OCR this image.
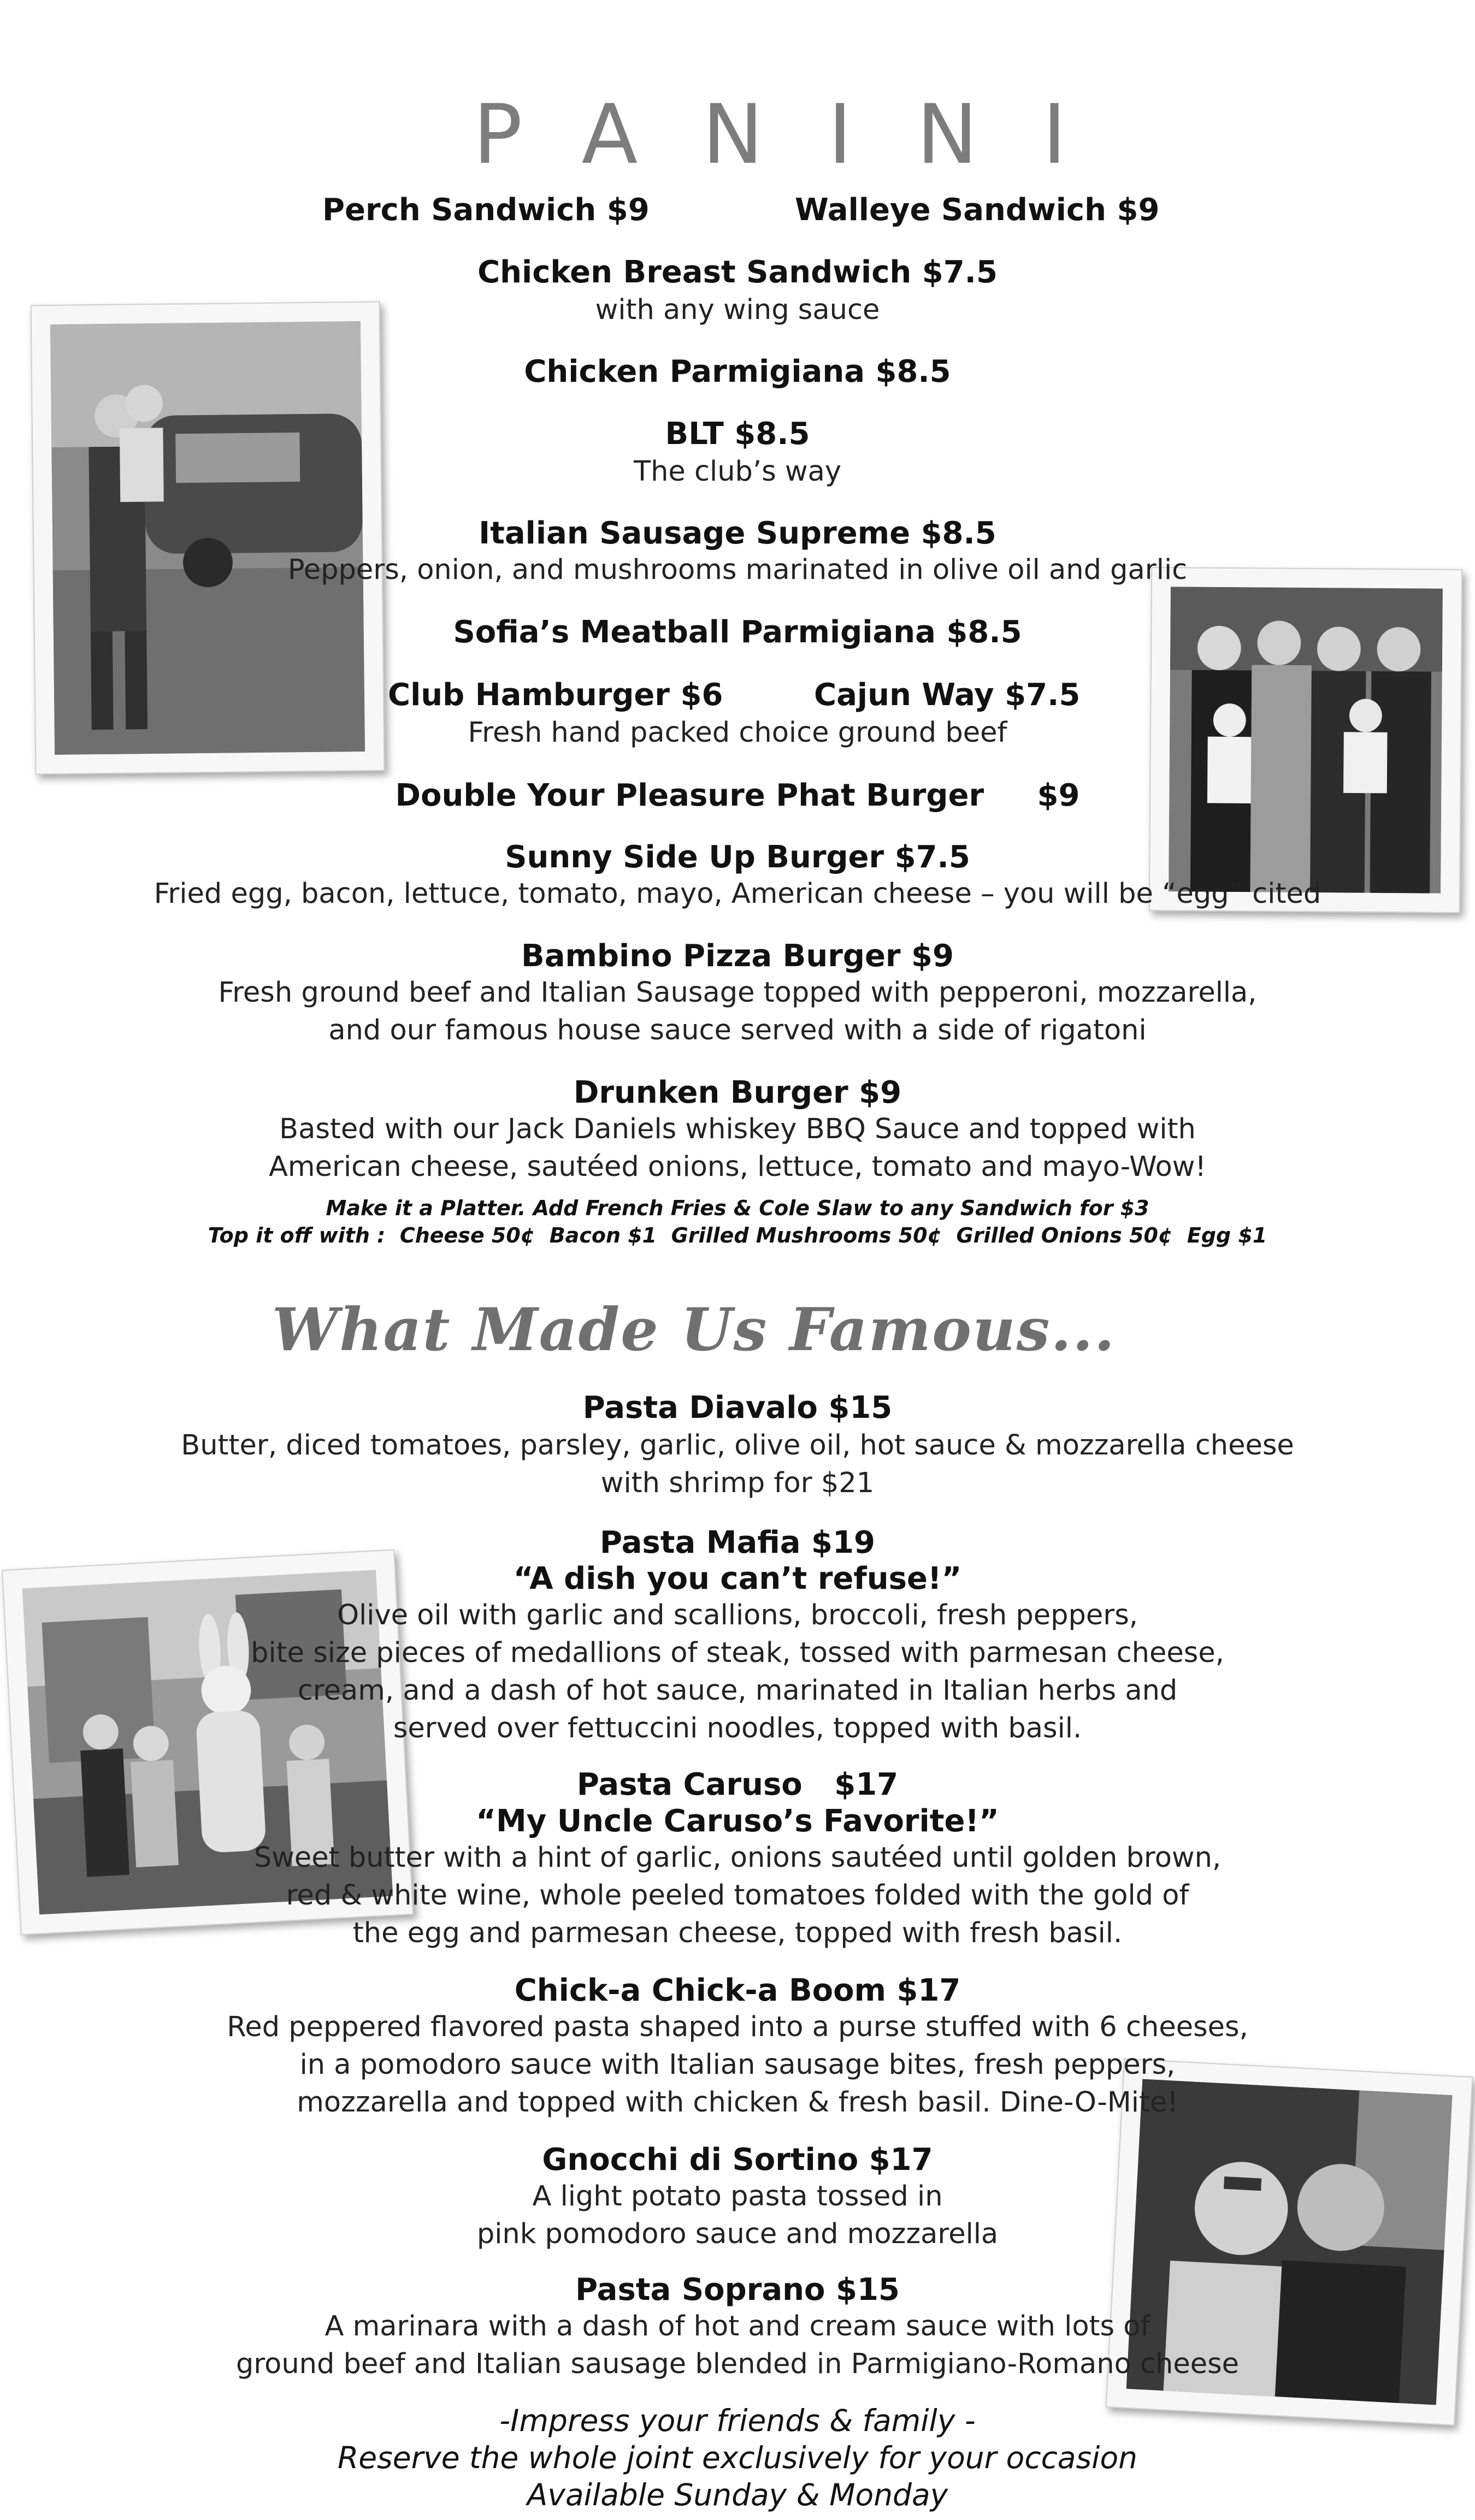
PANINI
Perch Sandwich $9	Walleye Sandwich $9
Chicken Breast Sandwich $7.5
with any wing sauce
Chicken Parmigiana $8.5
BLT $8.5
The club’s way
Italian Sausage Supreme $8.5
Peppers, onion, and mushrooms marinated in olive oil and garlic
Sofia’s Meatball Parmigiana $8.5
Club Hamburger $6	Cajun Way $7.5
Fresh hand packed choice ground beef
Double Your Pleasure Phat Burger     $9
Sunny Side Up Burger $7.5
Fried egg, bacon, lettuce, tomato, mayo, American cheese – you will be “egg” cited
Bambino Pizza Burger $9
Fresh ground beef and Italian Sausage topped with pepperoni, mozzarella,
and our famous house sauce served with a side of rigatoni
Drunken Burger $9
Basted with our Jack Daniels whiskey BBQ Sauce and topped with
American cheese, sautéed onions, lettuce, tomato and mayo-Wow!
Make it a Platter. Add French Fries & Cole Slaw to any Sandwich for $3
Top it off with :  Cheese 50¢  Bacon $1  Grilled Mushrooms 50¢  Grilled Onions 50¢  Egg $1
What Made Us Famous...
Pasta Diavalo $15
Butter, diced tomatoes, parsley, garlic, olive oil, hot sauce & mozzarella cheese
with shrimp for $21
Pasta Mafia $19
“A dish you can’t refuse!”
Olive oil with garlic and scallions, broccoli, fresh peppers,
bite size pieces of medallions of steak, tossed with parmesan cheese,
cream, and a dash of hot sauce, marinated in Italian herbs and
served over fettuccini noodles, topped with basil.
Pasta Caruso   $17
“My Uncle Caruso’s Favorite!”
Sweet butter with a hint of garlic, onions sautéed until golden brown,
red & white wine, whole peeled tomatoes folded with the gold of
the egg and parmesan cheese, topped with fresh basil.
Chick-a Chick-a Boom $17
Red peppered flavored pasta shaped into a purse stuffed with 6 cheeses,
in a pomodoro sauce with Italian sausage bites, fresh peppers,
mozzarella and topped with chicken & fresh basil. Dine-O-Mite!
Gnocchi di Sortino $17
A light potato pasta tossed in
pink pomodoro sauce and mozzarella
Pasta Soprano $15
A marinara with a dash of hot and cream sauce with lots of
ground beef and Italian sausage blended in Parmigiano-Romano cheese
-Impress your friends & family -
Reserve the whole joint exclusively for your occasion
Available Sunday & Monday
